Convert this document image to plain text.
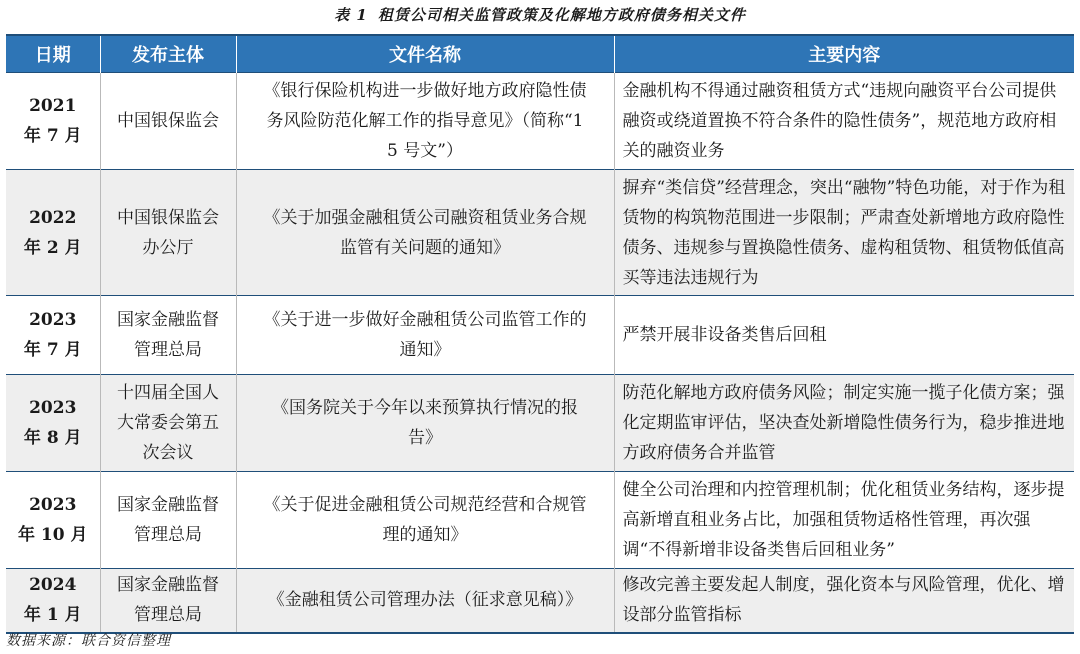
表 1 租赁公司相关监管政策及化解地方政府债务相关文件
日期	发布主体	文件名称	主要内容

2021
年 7 月	中国银保监会	《银行保险机构进一步做好地方政府隐性债务风险防范化解工作的指导意见》（简称“15 号文”）	金融机构不得通过融资租赁方式“违规向融资平台公司提供融资或绕道置换不符合条件的隐性债务”，规范地方政府相关的融资业务

2022
年 2 月	中国银保监会办公厅	《关于加强金融租赁公司融资租赁业务合规监管有关问题的通知》	摒弃“类信贷”经营理念，突出“融物”特色功能，对于作为租赁物的构筑物范围进一步限制；严肃查处新增地方政府隐性债务、违规参与置换隐性债务、虚构租赁物、租赁物低值高买等违法违规行为

2023
年 7 月	国家金融监督管理总局	《关于进一步做好金融租赁公司监管工作的通知》	严禁开展非设备类售后回租

2023
年 8 月	十四届全国人大常委会第五次会议	《国务院关于今年以来预算执行情况的报告》	防范化解地方政府债务风险；制定实施一揽子化债方案；强化定期监审评估，坚决查处新增隐性债务行为，稳步推进地方政府债务合并监管

2023
年 10 月	国家金融监督管理总局	《关于促进金融租赁公司规范经营和合规管理的通知》	健全公司治理和内控管理机制；优化租赁业务结构，逐步提高新增直租业务占比，加强租赁物适格性管理，再次强调“不得新增非设备类售后回租业务”

2024
年 1 月	国家金融监督管理总局	《金融租赁公司管理办法（征求意见稿）》	修改完善主要发起人制度，强化资本与风险管理，优化、增设部分监管指标
数据来源：联合资信整理
